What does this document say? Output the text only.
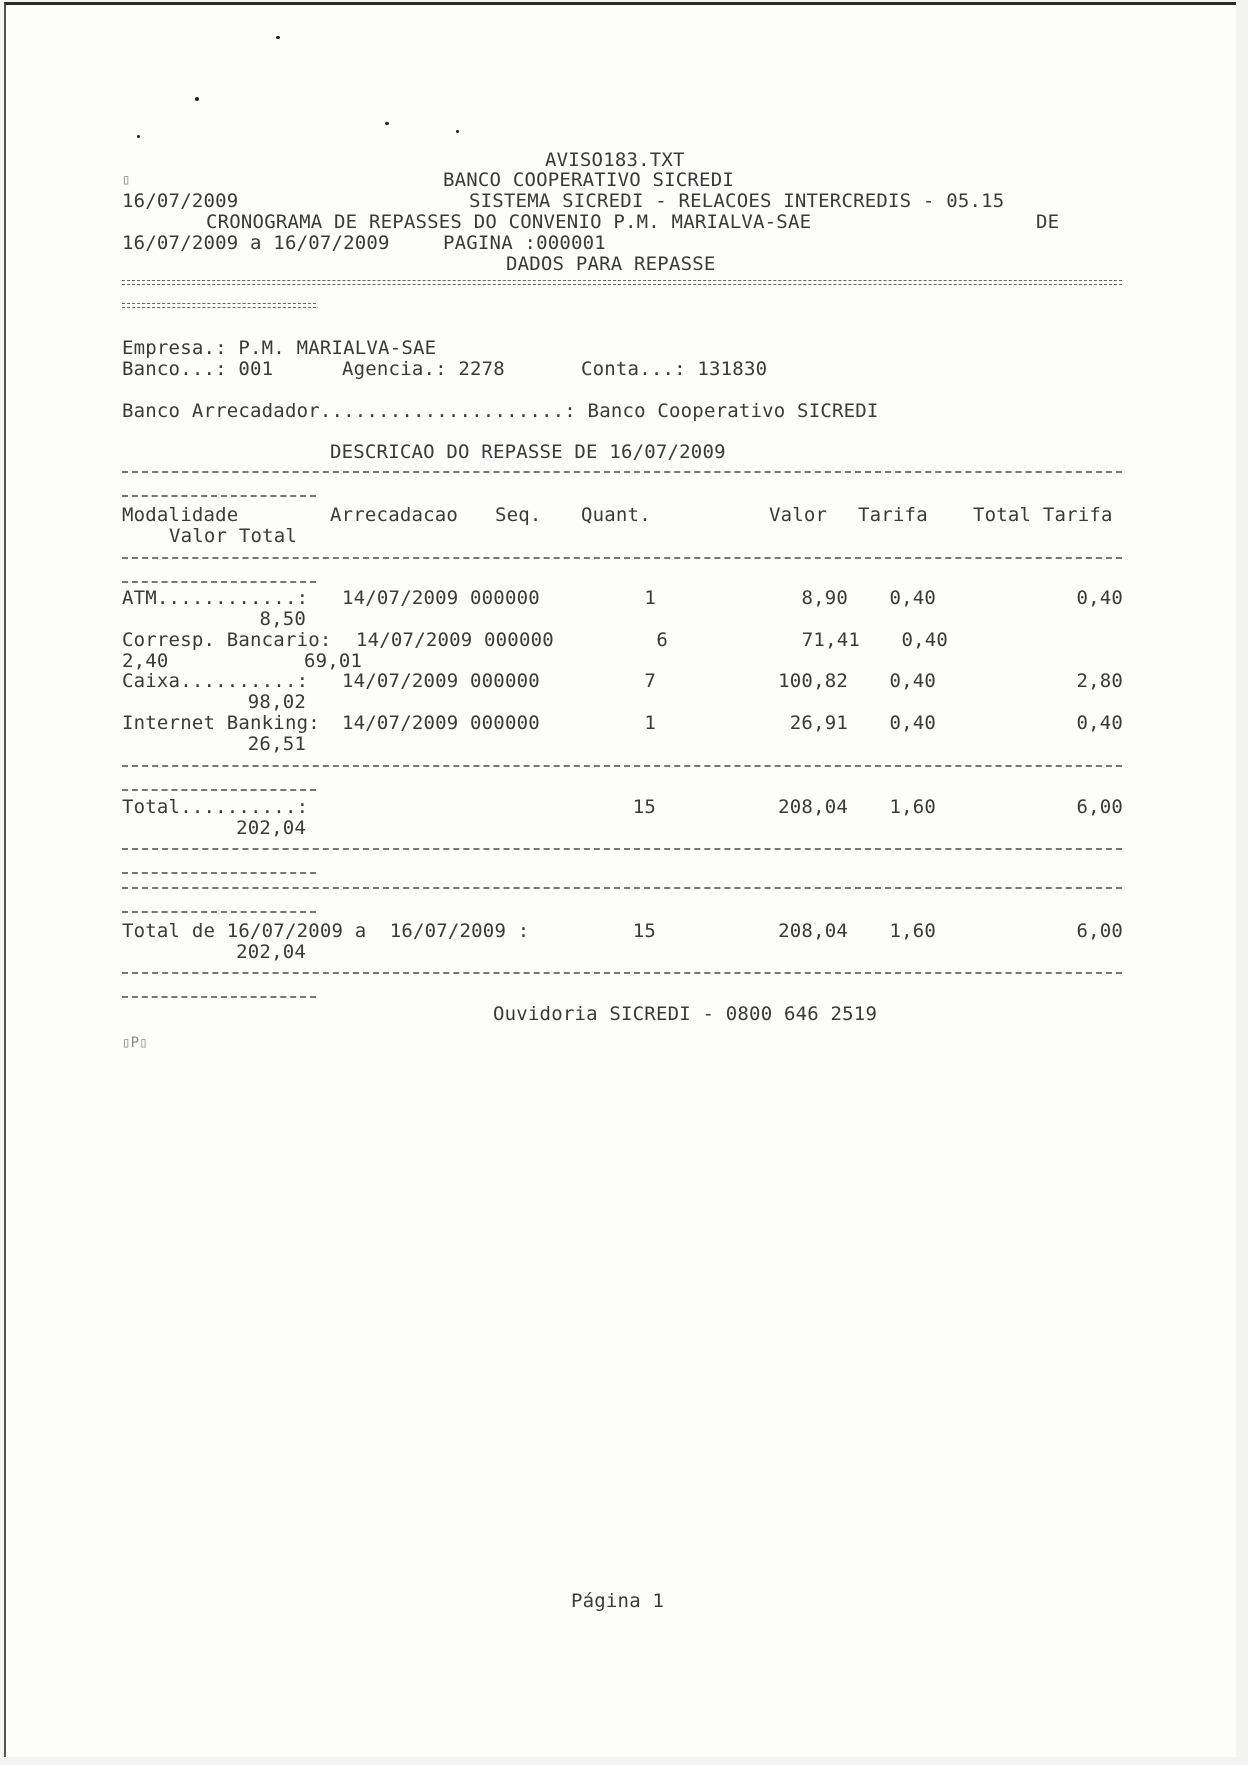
AVISO183.TXT
▯	BANCO COOPERATIVO SICREDI
16/07/2009	SISTEMA SICREDI - RELACOES INTERCREDIS - 05.15
CRONOGRAMA DE REPASSES DO CONVENIO P.M. MARIALVA-SAE	DE
16/07/2009 a 16/07/2009	PAGINA :000001
DADOS PARA REPASSE
Empresa.: P.M. MARIALVA-SAE
Banco...: 001	Agencia.: 2278	Conta...: 131830
Banco Arrecadador.....................: Banco Cooperativo SICREDI
DESCRICAO DO REPASSE DE 16/07/2009
Modalidade	Arrecadacao Seq. Quant.	Valor Tarifa Total Tarifa
Valor Total
ATM............: 14/07/2009 000000	1	8,90	0,40	0,40
8,50
Corresp. Bancario: 14/07/2009 000000	6	71,41	0,40
2,40	69,01
Caixa..........: 14/07/2009 000000	7	100,82	0,40	2,80
98,02
Internet Banking: 14/07/2009 000000	1	26,91	0,40	0,40
26,51
Total..........:	15	208,04	1,60	6,00
202,04
Total de 16/07/2009 a  16/07/2009 :	15	208,04	1,60	6,00
202,04
Ouvidoria SICREDI - 0800 646 2519
▯P▯
Página 1
